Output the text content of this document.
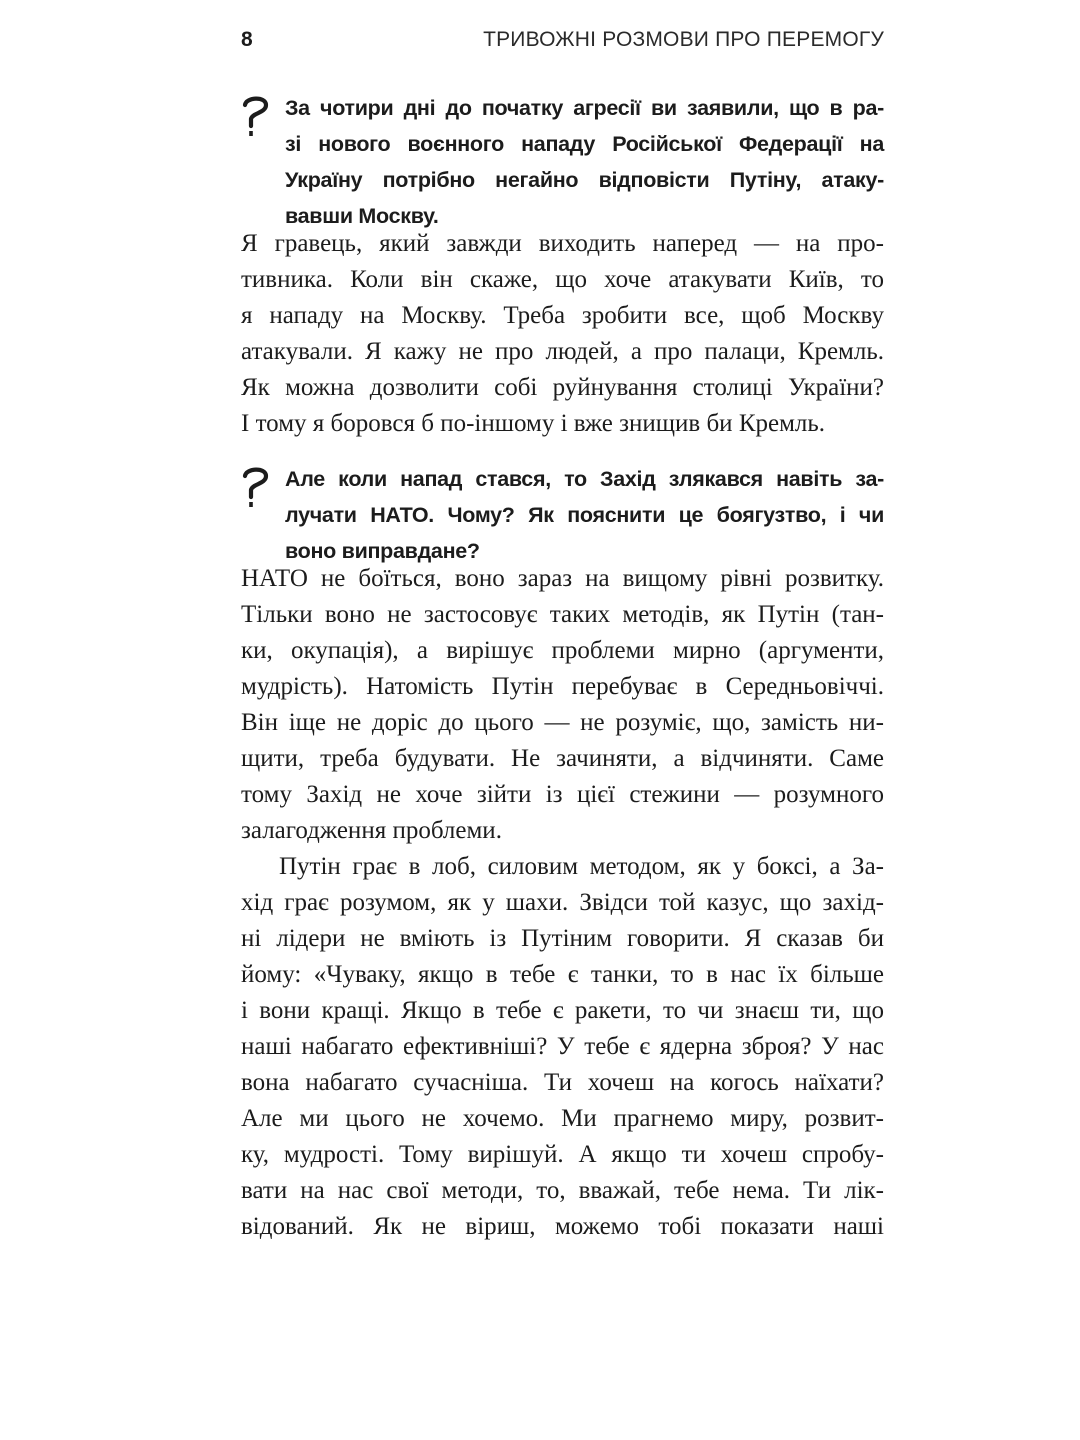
8	ТРИВОЖНІ РОЗМОВИ ПРО ПЕРЕМОГУ
За чотири дні до початку агресії ви заявили, що в ра-
зі нового воєнного нападу Російської Федерації на
Україну потрібно негайно відповісти Путіну, атаку-
вавши Москву.
Я гравець, який завжди виходить наперед — на про-
тивника. Коли він скаже, що хоче атакувати Київ, то
я нападу на Москву. Треба зробити все, щоб Москву
атакували. Я кажу не про людей, а про палаци, Кремль.
Як можна дозволити собі руйнування столиці України?
І тому я боровся б по-іншому і вже знищив би Кремль.
Але коли напад стався, то Захід злякався навіть за-
лучати НАТО. Чому? Як пояснити це боягузтво, і чи
воно виправдане?
НАТО не боїться, воно зараз на вищому рівні розвитку.
Тільки воно не застосовує таких методів, як Путін (тан-
ки, окупація), а вирішує проблеми мирно (аргументи,
мудрість). Натомість Путін перебуває в Середньовіччі.
Він іще не доріс до цього — не розуміє, що, замість ни-
щити, треба будувати. Не зачиняти, а відчиняти. Саме
тому Захід не хоче зійти із цієї стежини — розумного
залагодження проблеми.
Путін грає в лоб, силовим методом, як у боксі, а За-
хід грає розумом, як у шахи. Звідси той казус, що захід-
ні лідери не вміють із Путіним говорити. Я сказав би
йому: «Чуваку, якщо в тебе є танки, то в нас їх більше
і вони кращі. Якщо в тебе є ракети, то чи знаєш ти, що
наші набагато ефективніші? У тебе є ядерна зброя? У нас
вона набагато сучасніша. Ти хочеш на когось наїхати?
Але ми цього не хочемо. Ми прагнемо миру, розвит-
ку, мудрості. Тому вирішуй. А якщо ти хочеш спробу-
вати на нас свої методи, то, вважай, тебе нема. Ти лік-
відований. Як не віриш, можемо тобі показати наші
